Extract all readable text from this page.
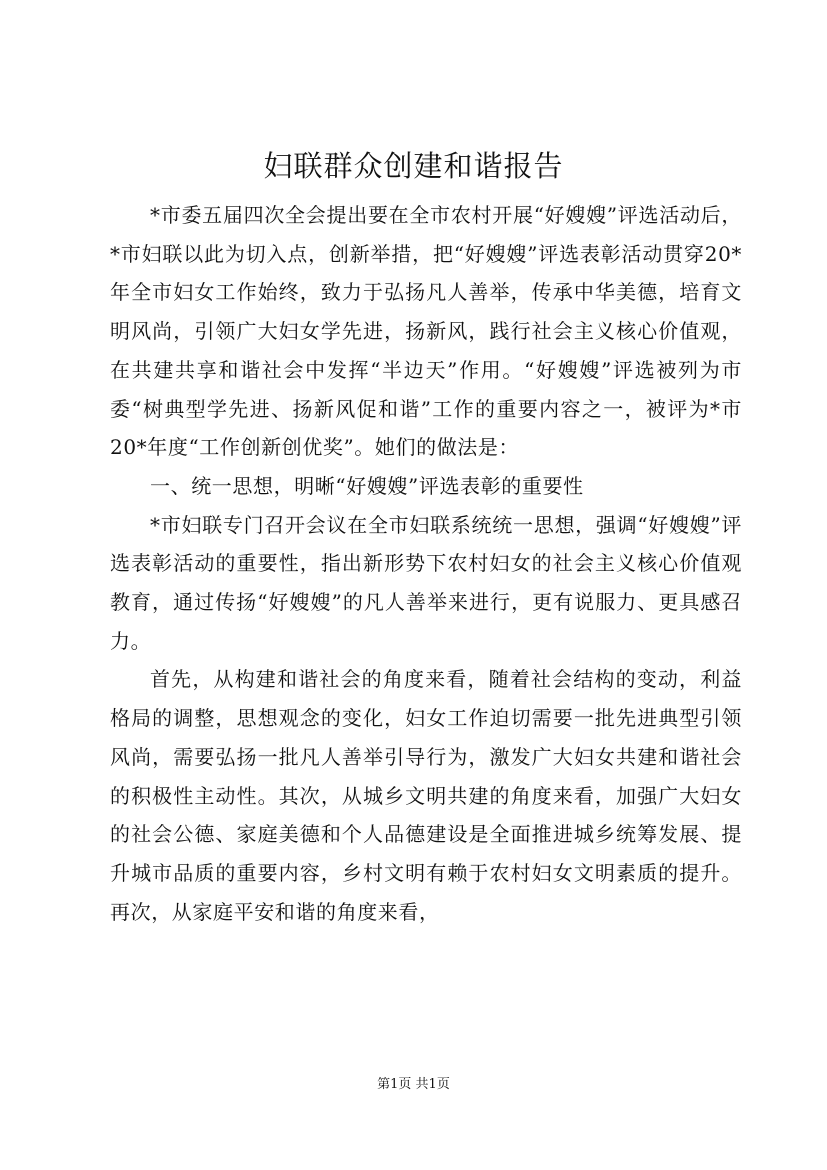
妇联群众创建和谐报告

*市委五届四次全会提出要在全市农村开展“好嫂嫂”评选活动后，*市妇联以此为切入点，创新举措，把“好嫂嫂”评选表彰活动贯穿20*年全市妇女工作始终，致力于弘扬凡人善举，传承中华美德，培育文明风尚，引领广大妇女学先进，扬新风，践行社会主义核心价值观，在共建共享和谐社会中发挥“半边天”作用。“好嫂嫂”评选被列为市委“树典型学先进、扬新风促和谐”工作的重要内容之一，被评为*市20*年度“工作创新创优奖”。她们的做法是：

一、统一思想，明晰“好嫂嫂”评选表彰的重要性

*市妇联专门召开会议在全市妇联系统统一思想，强调“好嫂嫂”评选表彰活动的重要性，指出新形势下农村妇女的社会主义核心价值观教育，通过传扬“好嫂嫂”的凡人善举来进行，更有说服力、更具感召力。

首先，从构建和谐社会的角度来看，随着社会结构的变动，利益格局的调整，思想观念的变化，妇女工作迫切需要一批先进典型引领风尚，需要弘扬一批凡人善举引导行为，激发广大妇女共建和谐社会的积极性主动性。其次，从城乡文明共建的角度来看，加强广大妇女的社会公德、家庭美德和个人品德建设是全面推进城乡统筹发展、提升城市品质的重要内容，乡村文明有赖于农村妇女文明素质的提升。再次，从家庭平安和谐的角度来看，

第1页 共1页
